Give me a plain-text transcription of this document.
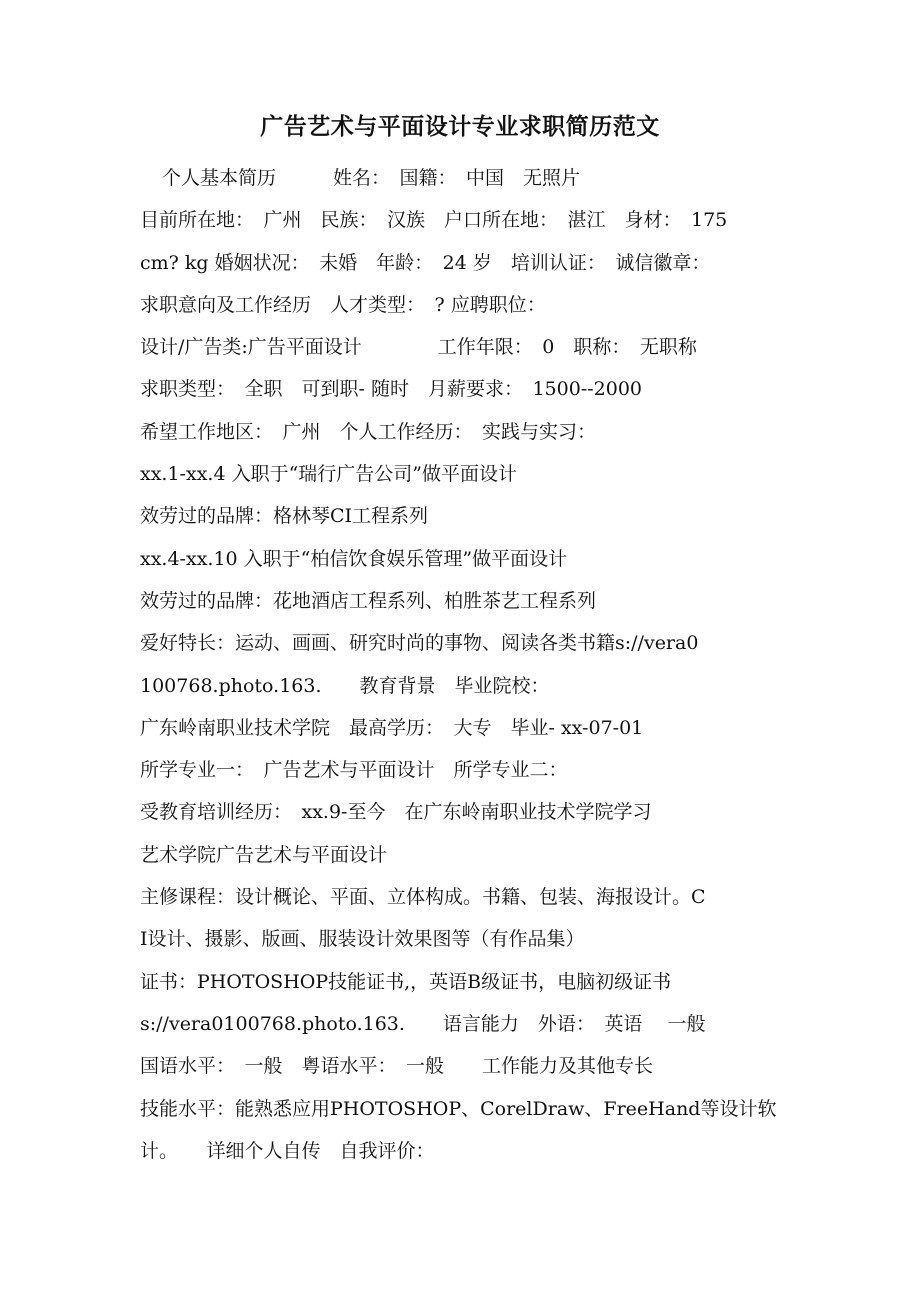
广告艺术与平面设计专业求职简历范文
个人基本简历　　　姓名：　国籍：　中国　无照片
目前所在地：　广州　民族：　汉族　户口所在地：　湛江　身材：　175
cm? kg 婚姻状况：　未婚　年龄：　24 岁　培训认证：　诚信徽章：
求职意向及工作经历　人才类型：　? 应聘职位：
设计/广告类:广告平面设计　　　　工作年限：　0　职称：　无职称
求职类型：　全职　可到职- 随时　月薪要求：　1500--2000
希望工作地区：　广州　个人工作经历：　实践与实习：
xx.1-xx.4 入职于“瑞行广告公司”做平面设计
效劳过的品牌：格林琴CI工程系列
xx.4-xx.10 入职于“柏信饮食娱乐管理”做平面设计
效劳过的品牌：花地酒店工程系列、柏胜茶艺工程系列
爱好特长：运动、画画、研究时尚的事物、阅读各类书籍s://vera0
100768.photo.163.　　教育背景　毕业院校：
广东岭南职业技术学院　最高学历：　大专　毕业- xx-07-01
所学专业一：　广告艺术与平面设计　所学专业二：
受教育培训经历：　xx.9-至今　在广东岭南职业技术学院学习
艺术学院广告艺术与平面设计
主修课程：设计概论、平面、立体构成。书籍、包装、海报设计。C
I设计、摄影、版画、服装设计效果图等（有作品集）
证书：PHOTOSHOP技能证书,，英语B级证书，电脑初级证书
s://vera0100768.photo.163.　　语言能力　外语：　英语　 一般
国语水平：　一般　粤语水平：　一般　　工作能力及其他专长
技能水平：能熟悉应用PHOTOSHOP、CorelDraw、FreeHand等设计软
计。　　详细个人自传　自我评价：
